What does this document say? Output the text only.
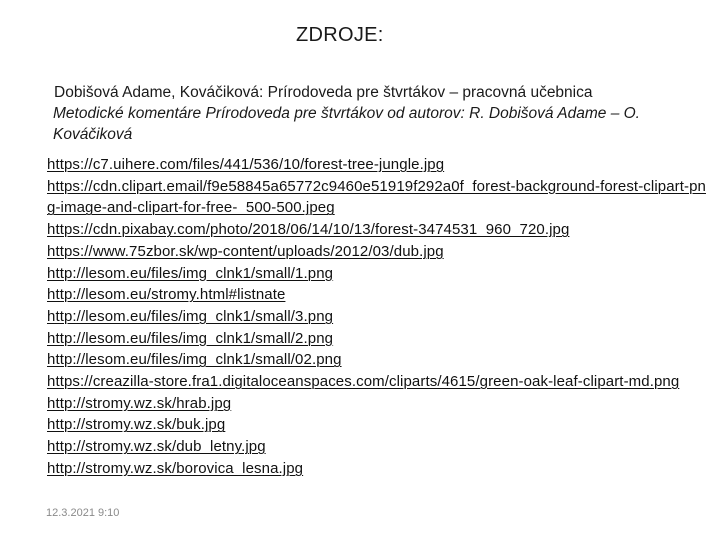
ZDROJE:
Dobišová Adame, Kováčiková: Prírodoveda pre štvrtákov – pracovná učebnica
Metodické komentáre Prírodoveda pre štvrtákov od autorov: R. Dobišová Adame – O. Kováčiková
https://c7.uihere.com/files/441/536/10/forest-tree-jungle.jpg
https://cdn.clipart.email/f9e58845a65772c9460e51919f292a0f_forest-background-forest-clipart-png-image-and-clipart-for-free-_500-500.jpeg
https://cdn.pixabay.com/photo/2018/06/14/10/13/forest-3474531_960_720.jpg
https://www.75zbor.sk/wp-content/uploads/2012/03/dub.jpg
http://lesom.eu/files/img_clnk1/small/1.png
http://lesom.eu/stromy.html#listnate
http://lesom.eu/files/img_clnk1/small/3.png
http://lesom.eu/files/img_clnk1/small/2.png
http://lesom.eu/files/img_clnk1/small/02.png
https://creazilla-store.fra1.digitaloceanspaces.com/cliparts/4615/green-oak-leaf-clipart-md.png
http://stromy.wz.sk/hrab.jpg
http://stromy.wz.sk/buk.jpg
http://stromy.wz.sk/dub_letny.jpg
http://stromy.wz.sk/borovica_lesna.jpg
12.3.2021 9:10
